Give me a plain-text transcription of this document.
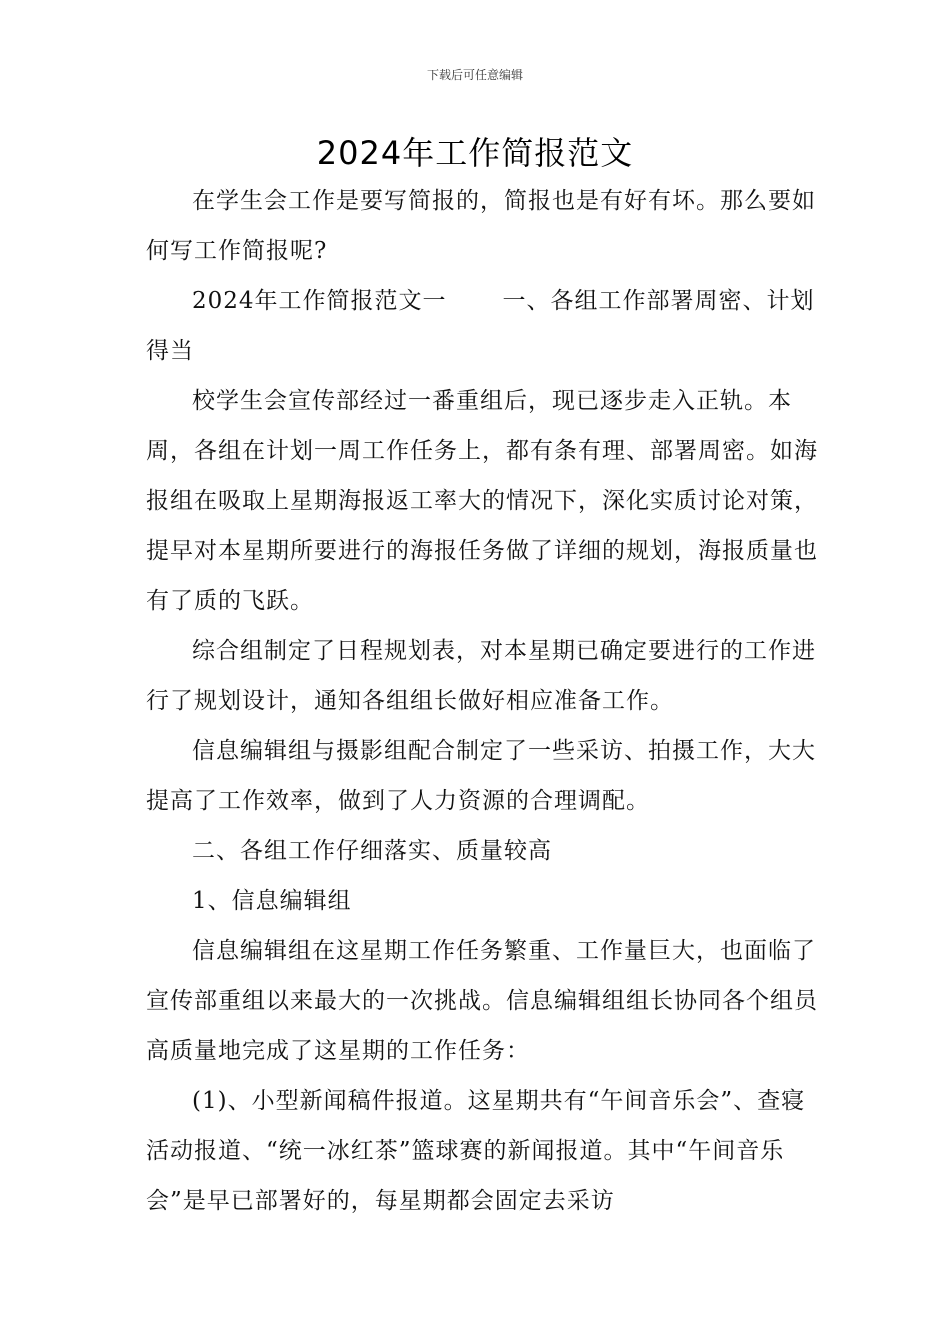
下载后可任意编辑
2024年工作简报范文

在学生会工作是要写简报的，简报也是有好有坏。那么要如何写工作简报呢?

2024年工作简报范文一 一、各组工作部署周密、计划得当

校学生会宣传部经过一番重组后，现已逐步走入正轨。本周，各组在计划一周工作任务上，都有条有理、部署周密。如海报组在吸取上星期海报返工率大的情况下，深化实质讨论对策，提早对本星期所要进行的海报任务做了详细的规划，海报质量也有了质的飞跃。

综合组制定了日程规划表，对本星期已确定要进行的工作进行了规划设计，通知各组组长做好相应准备工作。

信息编辑组与摄影组配合制定了一些采访、拍摄工作，大大提高了工作效率，做到了人力资源的合理调配。

二、各组工作仔细落实、质量较高

1、信息编辑组

信息编辑组在这星期工作任务繁重、工作量巨大，也面临了宣传部重组以来最大的一次挑战。信息编辑组组长协同各个组员高质量地完成了这星期的工作任务：

(1)、小型新闻稿件报道。这星期共有“午间音乐会”、查寝活动报道、“统一冰红茶”篮球赛的新闻报道。其中“午间音乐会”是早已部署好的，每星期都会固定去采访
